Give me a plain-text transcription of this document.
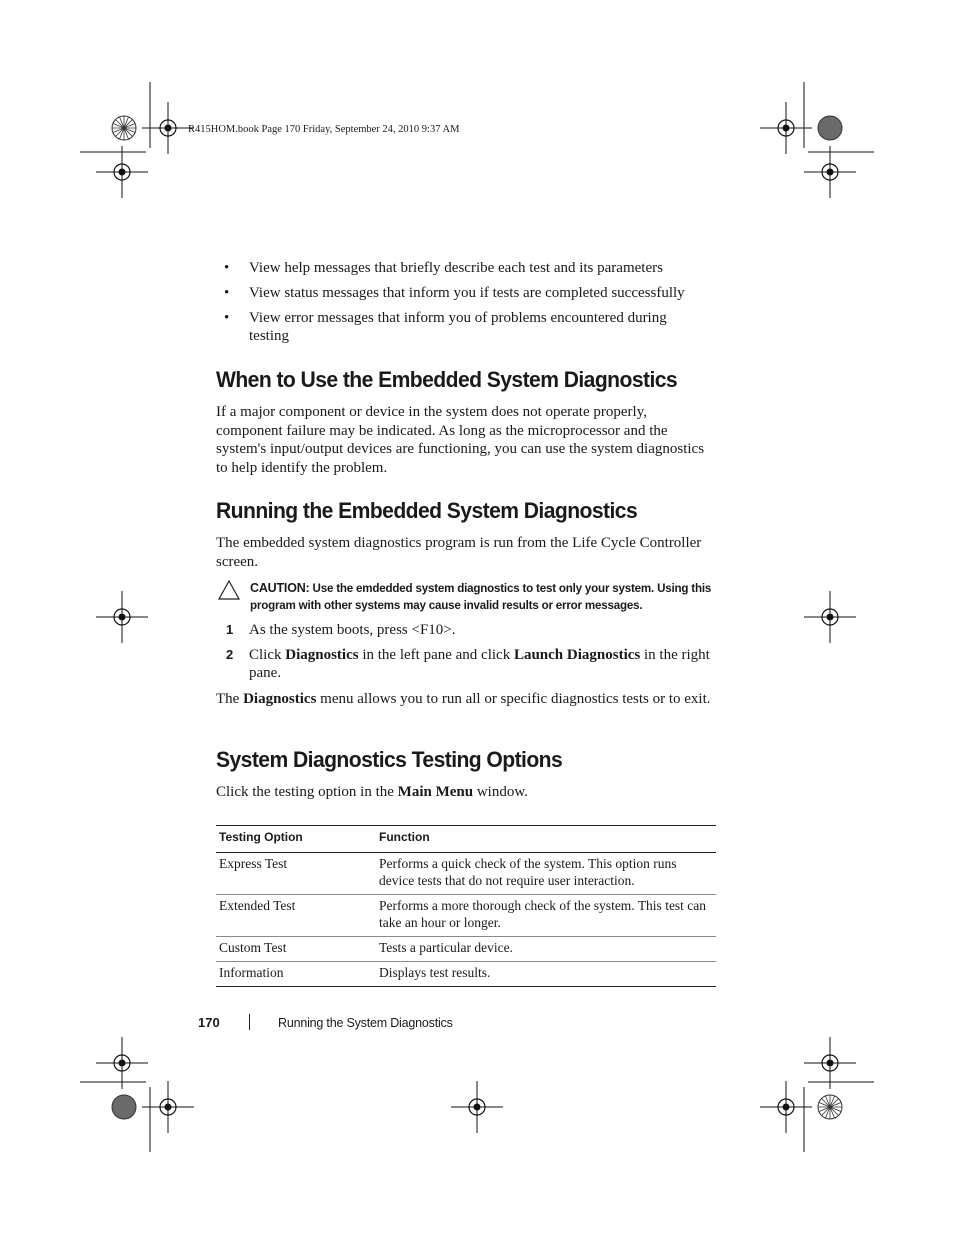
R415HOM.book Page 170 Friday, September 24, 2010 9:37 AM
• View help messages that briefly describe each test and its parameters
• View status messages that inform you if tests are completed successfully
• View error messages that inform you of problems encountered during testing
When to Use the Embedded System Diagnostics

If a major component or device in the system does not operate properly, component failure may be indicated. As long as the microprocessor and the system's input/output devices are functioning, you can use the system diagnostics to help identify the problem.

Running the Embedded System Diagnostics

The embedded system diagnostics program is run from the Life Cycle Controller screen.

CAUTION: Use the emdedded system diagnostics to test only your system. Using this program with other systems may cause invalid results or error messages.
1 As the system boots, press <F10>.
2 Click Diagnostics in the left pane and click Launch Diagnostics in the right pane.

The Diagnostics menu allows you to run all or specific diagnostics tests or to exit.

System Diagnostics Testing Options

Click the testing option in the Main Menu window.

Testing Option	Function
Express Test	Performs a quick check of the system. This option runs device tests that do not require user interaction.
Extended Test	Performs a more thorough check of the system. This test can take an hour or longer.
Custom Test	Tests a particular device.
Information	Displays test results.
170	Running the System Diagnostics
